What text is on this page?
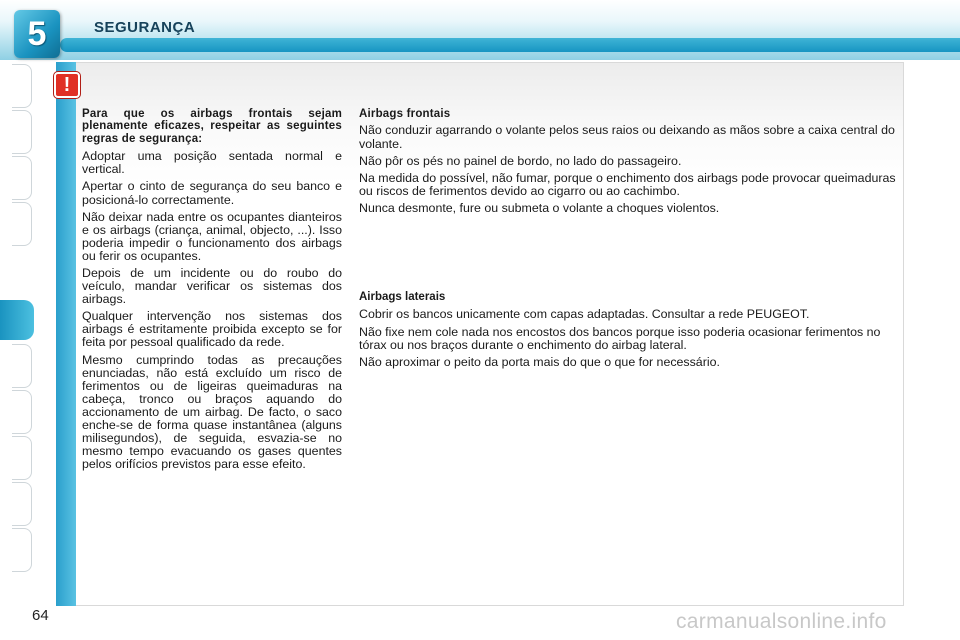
5	SEGURANÇA
!

Para que os airbags frontais sejam plenamente eficazes, respeitar as seguintes regras de segurança:

Adoptar uma posição sentada normal e vertical.

Apertar o cinto de segurança do seu banco e posicioná-lo correctamente.

Não deixar nada entre os ocupantes dianteiros e os airbags (criança, animal, objecto, ...). Isso poderia impedir o funcionamento dos airbags ou ferir os ocupantes.

Depois de um incidente ou do roubo do veículo, mandar verificar os sistemas dos airbags.

Qualquer intervenção nos sistemas dos airbags é estritamente proibida excepto se for feita por pessoal qualificado da rede.

Mesmo cumprindo todas as precauções enunciadas, não está excluído um risco de ferimentos ou de ligeiras queimaduras na cabeça, tronco ou braços aquando do accionamento de um airbag. De facto, o saco enche-se de forma quase instantânea (alguns milisegundos), de seguida, esvazia-se no mesmo tempo evacuando os gases quentes pelos orifícios previstos para esse efeito.

Airbags frontais

Não conduzir agarrando o volante pelos seus raios ou deixando as mãos sobre a caixa central do volante.

Não pôr os pés no painel de bordo, no lado do passageiro.

Na medida do possível, não fumar, porque o enchimento dos airbags pode provocar queimaduras ou riscos de ferimentos devido ao cigarro ou ao cachimbo.

Nunca desmonte, fure ou submeta o volante a choques violentos.

Airbags laterais

Cobrir os bancos unicamente com capas adaptadas. Consultar a rede PEUGEOT.

Não fixe nem cole nada nos encostos dos bancos porque isso poderia ocasionar ferimentos no tórax ou nos braços durante o enchimento do airbag lateral.

Não aproximar o peito da porta mais do que o que for necessário.

64	carmanualsonline.info
